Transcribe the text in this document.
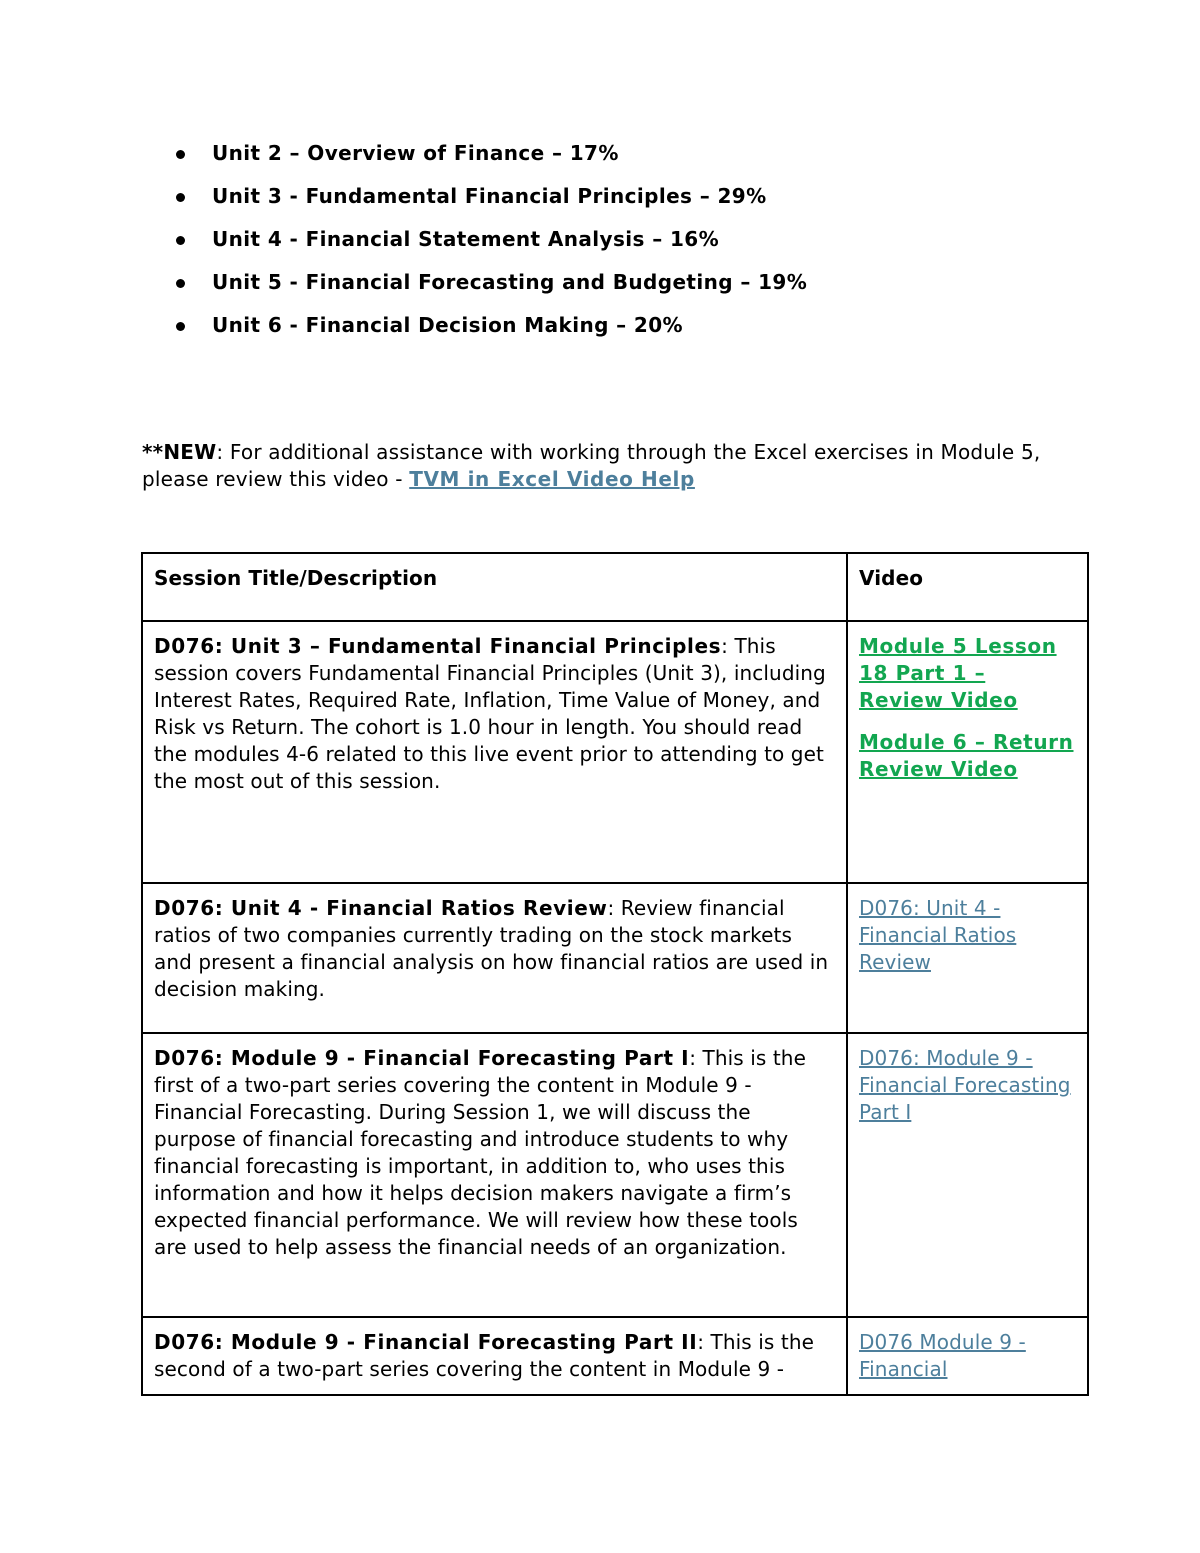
Unit 2 – Overview of Finance – 17%
Unit 3 - Fundamental Financial Principles – 29%
Unit 4 - Financial Statement Analysis – 16%
Unit 5 - Financial Forecasting and Budgeting – 19%
Unit 6 - Financial Decision Making – 20%
**NEW: For additional assistance with working through the Excel exercises in Module 5, please review this video - TVM in Excel Video Help
Session Title/Description	Video
D076: Unit 3 – Fundamental Financial Principles: This session covers Fundamental Financial Principles (Unit 3), including Interest Rates, Required Rate, Inflation, Time Value of Money, and Risk vs Return. The cohort is 1.0 hour in length. You should read the modules 4-6 related to this live event prior to attending to get the most out of this session.	Module 5 Lesson 18 Part 1 – Review Video

Module 6 – Return Review Video

D076: Unit 4 - Financial Ratios Review: Review financial ratios of two companies currently trading on the stock markets and present a financial analysis on how financial ratios are used in decision making.	D076: Unit 4 - Financial Ratios Review

D076: Module 9 - Financial Forecasting Part I: This is the first of a two-part series covering the content in Module 9 - Financial Forecasting. During Session 1, we will discuss the purpose of financial forecasting and introduce students to why financial forecasting is important, in addition to, who uses this information and how it helps decision makers navigate a firm’s expected financial performance. We will review how these tools are used to help assess the financial needs of an organization.	D076: Module 9 - Financial Forecasting Part I

D076: Module 9 - Financial Forecasting Part II: This is the second of a two-part series covering the content in Module 9 -	D076 Module 9 - Financial
